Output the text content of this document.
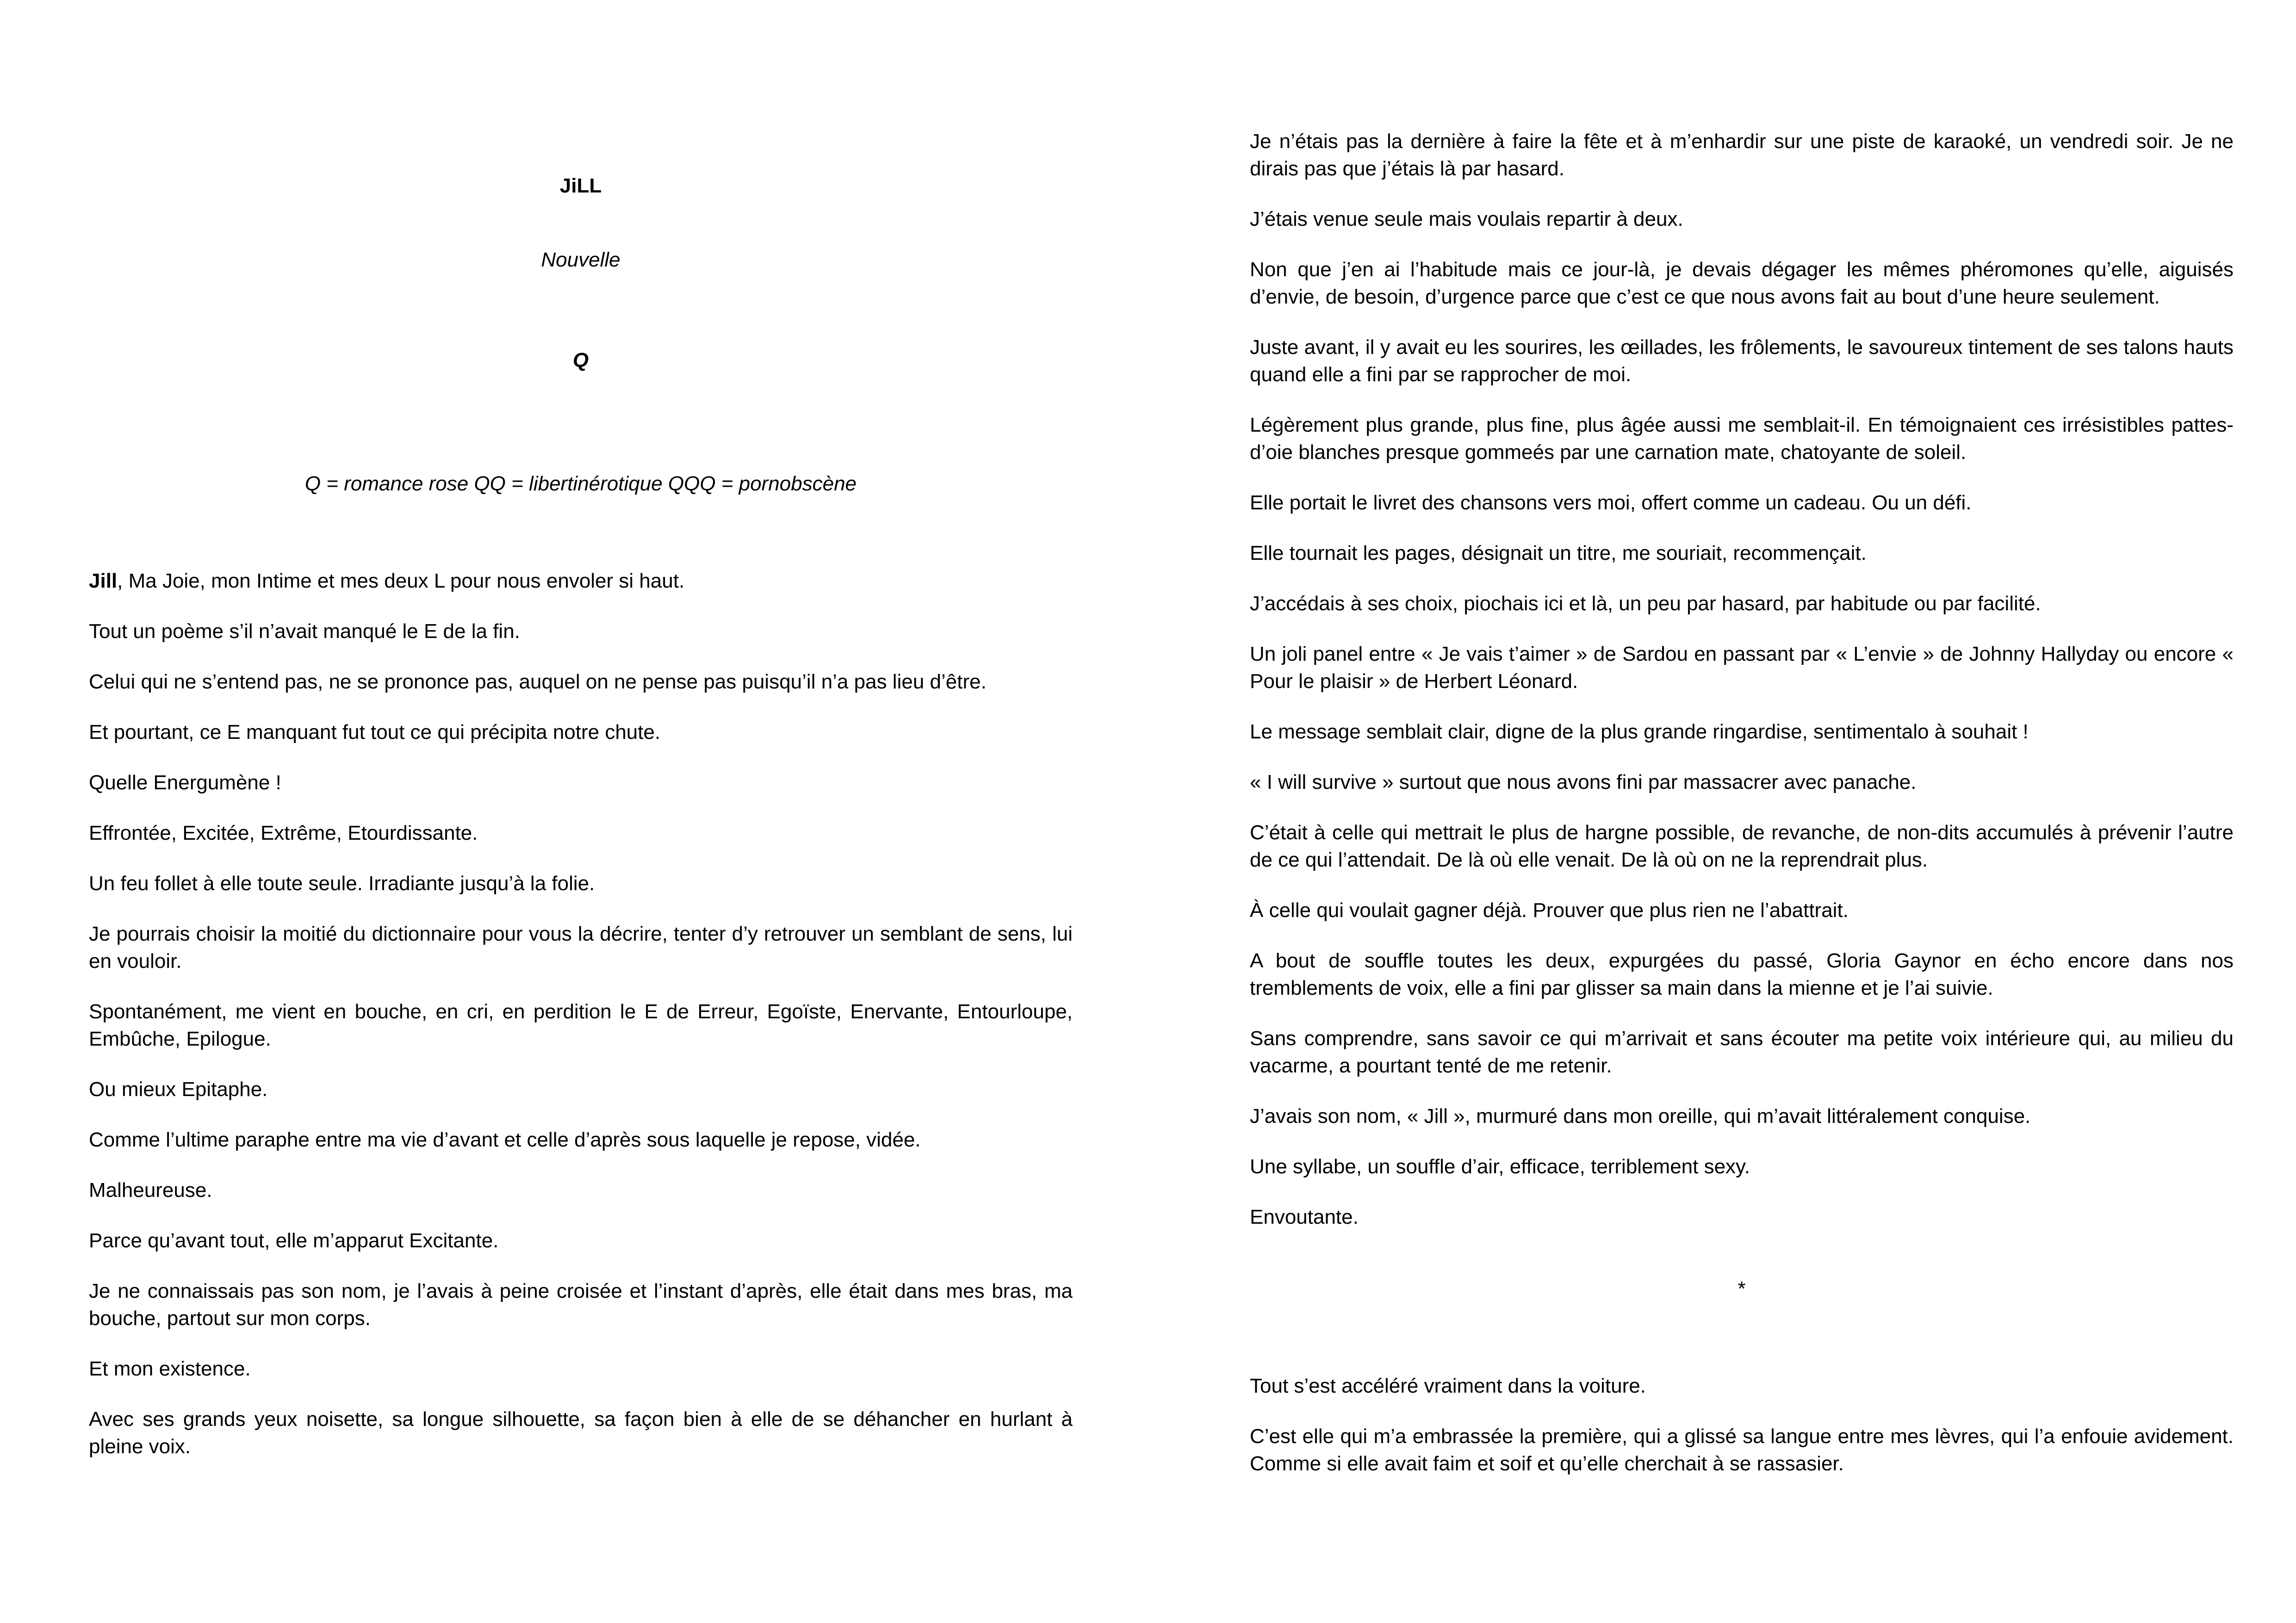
JiLL

Nouvelle

Q

Q = romance rose QQ = libertinérotique QQQ = pornobscène

Jill, Ma Joie, mon Intime et mes deux L pour nous envoler si haut.

Tout un poème s’il n’avait manqué le E de la fin.

Celui qui ne s’entend pas, ne se prononce pas, auquel on ne pense pas puisqu’il n’a pas lieu d’être.

Et pourtant, ce E manquant fut tout ce qui précipita notre chute.

Quelle Energumène !

Effrontée, Excitée, Extrême, Etourdissante.

Un feu follet à elle toute seule. Irradiante jusqu’à la folie.

Je pourrais choisir la moitié du dictionnaire pour vous la décrire, tenter d’y retrouver un semblant de sens, lui en vouloir.

Spontanément, me vient en bouche, en cri, en perdition le E de Erreur, Egoïste, Enervante, Entourloupe, Embûche, Epilogue.

Ou mieux Epitaphe.

Comme l’ultime paraphe entre ma vie d’avant et celle d’après sous laquelle je repose, vidée.

Malheureuse.

Parce qu’avant tout, elle m’apparut Excitante.

Je ne connaissais pas son nom, je l’avais à peine croisée et l’instant d’après, elle était dans mes bras, ma bouche, partout sur mon corps.

Et mon existence.

Avec ses grands yeux noisette, sa longue silhouette, sa façon bien à elle de se déhancher en hurlant à pleine voix.

Je n’étais pas la dernière à faire la fête et à m’enhardir sur une piste de karaoké, un vendredi soir. Je ne dirais pas que j’étais là par hasard.

J’étais venue seule mais voulais repartir à deux.

Non que j’en ai l’habitude mais ce jour-là, je devais dégager les mêmes phéromones qu’elle, aiguisés d’envie, de besoin, d’urgence parce que c’est ce que nous avons fait au bout d’une heure seulement.

Juste avant, il y avait eu les sourires, les œillades, les frôlements, le savoureux tintement de ses talons hauts quand elle a fini par se rapprocher de moi.

Légèrement plus grande, plus fine, plus âgée aussi me semblait-il. En témoignaient ces irrésistibles pattes-d’oie blanches presque gommeés par une carnation mate, chatoyante de soleil.

Elle portait le livret des chansons vers moi, offert comme un cadeau. Ou un défi.

Elle tournait les pages, désignait un titre, me souriait, recommençait.

J’accédais à ses choix, piochais ici et là, un peu par hasard, par habitude ou par facilité.

Un joli panel entre « Je vais t’aimer » de Sardou en passant par « L’envie » de Johnny Hallyday ou encore « Pour le plaisir » de Herbert Léonard.

Le message semblait clair, digne de la plus grande ringardise, sentimentalo à souhait !

« I will survive » surtout que nous avons fini par massacrer avec panache.

C’était à celle qui mettrait le plus de hargne possible, de revanche, de non-dits accumulés à prévenir l’autre de ce qui l’attendait. De là où elle venait. De là où on ne la reprendrait plus.

À celle qui voulait gagner déjà. Prouver que plus rien ne l’abattrait.

A bout de souffle toutes les deux, expurgées du passé, Gloria Gaynor en écho encore dans nos tremblements de voix, elle a fini par glisser sa main dans la mienne et je l’ai suivie.

Sans comprendre, sans savoir ce qui m’arrivait et sans écouter ma petite voix intérieure qui, au milieu du vacarme, a pourtant tenté de me retenir.

J’avais son nom, « Jill », murmuré dans mon oreille, qui m’avait littéralement conquise.

Une syllabe, un souffle d’air, efficace, terriblement sexy.

Envoutante.

*

Tout s’est accéléré vraiment dans la voiture.

C’est elle qui m’a embrassée la première, qui a glissé sa langue entre mes lèvres, qui l’a enfouie avidement. Comme si elle avait faim et soif et qu’elle cherchait à se rassasier.
